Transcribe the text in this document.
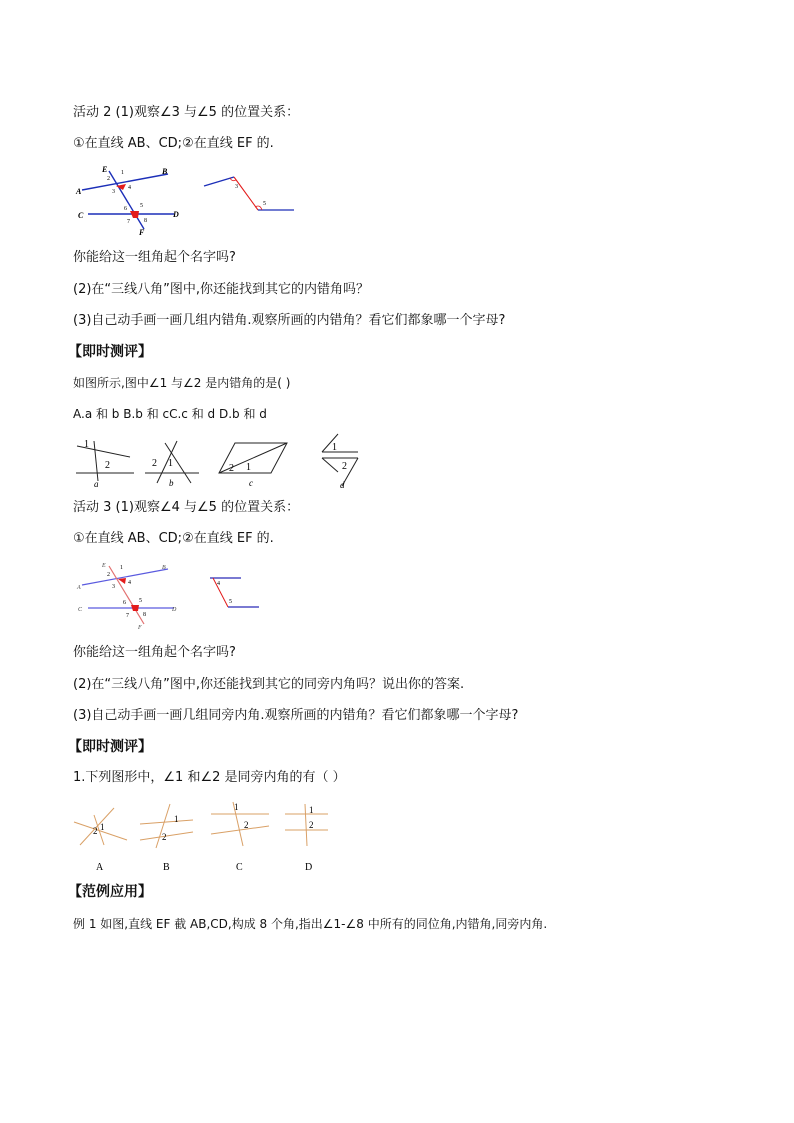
活动 2 (1)观察∠3 与∠5 的位置关系：
①在直线 AB、CD;②在直线 EF 的.
E
A
B
C	D
F
1
2
3
4
5
6
7 8
3
5
你能给这一组角起个名字吗?
(2)在“三线八角”图中,你还能找到其它的内错角吗？
(3)自己动手画一画几组内错角.观察所画的内错角？看它们都象哪一个字母?
【即时测评】
如图所示,图中∠1 与∠2 是内错角的是( )
A.a 和 b B.b 和 cC.c 和 d D.b 和 d
1
2
a
2 1
b
2 1
c
1
2
d
活动 3 (1)观察∠4 与∠5 的位置关系：
①在直线 AB、CD;②在直线 EF 的.
E
A
B
C	D
F
1
2
3
4
5
6
7 8
4
5
你能给这一组角起个名字吗?
(2)在“三线八角”图中,你还能找到其它的同旁内角吗？说出你的答案.
(3)自己动手画一画几组同旁内角.观察所画的内错角？看它们都象哪一个字母?
【即时测评】
1.下列图形中，∠1 和∠2 是同旁内角的有（ ）
2 1
A
1
2
B
1
2
C
1
2
D
【范例应用】
例 1 如图,直线 EF 截 AB,CD,构成 8 个角,指出∠1-∠8 中所有的同位角,内错角,同旁内角.
